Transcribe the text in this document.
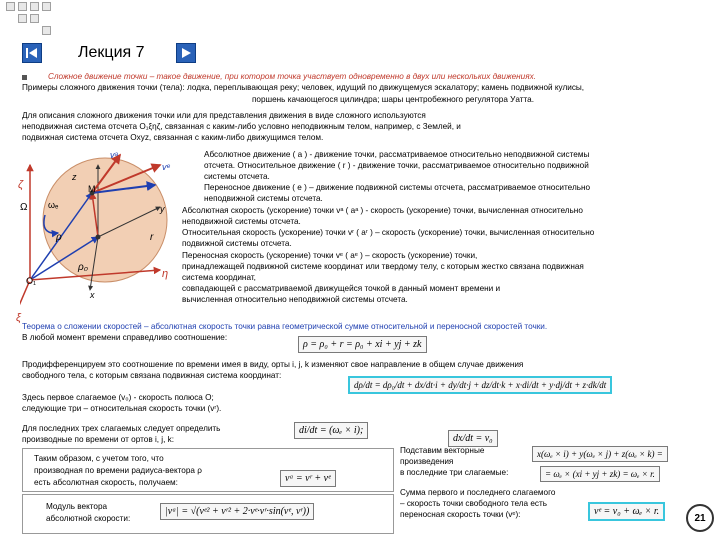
Лекция 7
Сложное движение точки – такое движение, при котором точка участвует одновременно в двух или нескольких движениях.
Примеры сложного движения точки (тела): лодка, переплывающая реку; человек, идущий по движущемуся эскалатору; камень подвижной кулисы,
поршень качающегося цилиндра; шары центробежного регулятора Уатта.
Для описания сложного движения точки или для представления движения в виде сложного используются
неподвижная система отсчета O₁ξηζ, связанная с каким-либо условно неподвижным телом, например, с Землей, и
подвижная система отсчета Oxyz, связанная с каким-либо движущимся телом.
ζ
Ω ωₑ
z
M
y
ρ	r
ρ₀
O₁
x
η
ξ
vᵃ
vᵉ
Абсолютное движение ( a ) - движение точки, рассматриваемое относительно неподвижной системы
отсчета. Относительное движение ( r ) - движение точки, рассматриваемое относительно подвижной
системы отсчета.
Переносное движение ( e ) – движение подвижной системы отсчета, рассматриваемое относительно
неподвижной системы отсчета.
Абсолютная скорость (ускорение) точки vᵃ ( aᵃ ) - скорость (ускорение) точки, вычисленная относительно
неподвижной системы отсчета.
Относительная скорость (ускорение) точки vʳ ( aʳ ) – скорость (ускорение) точки, вычисленная относительно
подвижной системы отсчета.
Переносная скорость (ускорение) точки vᵉ ( aᵉ ) – скорость (ускорение) точки,
принадлежащей подвижной системе координат или твердому телу, с которым жестко связана подвижная
система координат,
совпадающей с рассматриваемой движущейся точкой в данный момент времени и
вычисленная относительно неподвижной системы отсчета.
Теорема о сложении скоростей – абсолютная скорость точки равна геометрической сумме относительной и переносной скоростей точки.
В любой момент времени справедливо соотношение:
ρ = ρ₀ + r = ρ₀ + xi + yj + zk
Продифференцируем это соотношение по времени имея в виду, орты i, j, k изменяют свое направление в общем случае движения
свободного тела, с которым связана подвижная система координат:
dρ/dt = dρ₀/dt + dx/dt·i + dy/dt·j + dz/dt·k + x·di/dt + y·dj/dt + z·dk/dt
Здесь первое слагаемое (v₀) - скорость полюса O;
следующие три – относительная скорость точки (vʳ).
Для последних трех слагаемых следует определить
производные по времени от ортов i, j, k:
di/dt = (ωₑ × i);
dx/dt = v₀
Таким образом, с учетом того, что
производная по времени радиуса-вектора ρ
есть абсолютная скорость, получаем:	vᵃ = vʳ + vᵉ
Подставим векторные
произведения
в последние три слагаемые:
x(ωₑ × i) + y(ωₑ × j) + z(ωₑ × k) =
= ωₑ × (xi + yj + zk) = ωₑ × r.
Модуль вектора
абсолютной скорости:
|vᵃ| = √(vᵉ² + vʳ² + 2·vᵉ·vʳ·sin(vᵉ, vʳ))
Сумма первого и последнего слагаемого
– скорость точки свободного тела есть
переносная скорость точки (vᵉ):	vᵉ = v₀ + ωₑ × r.
21
